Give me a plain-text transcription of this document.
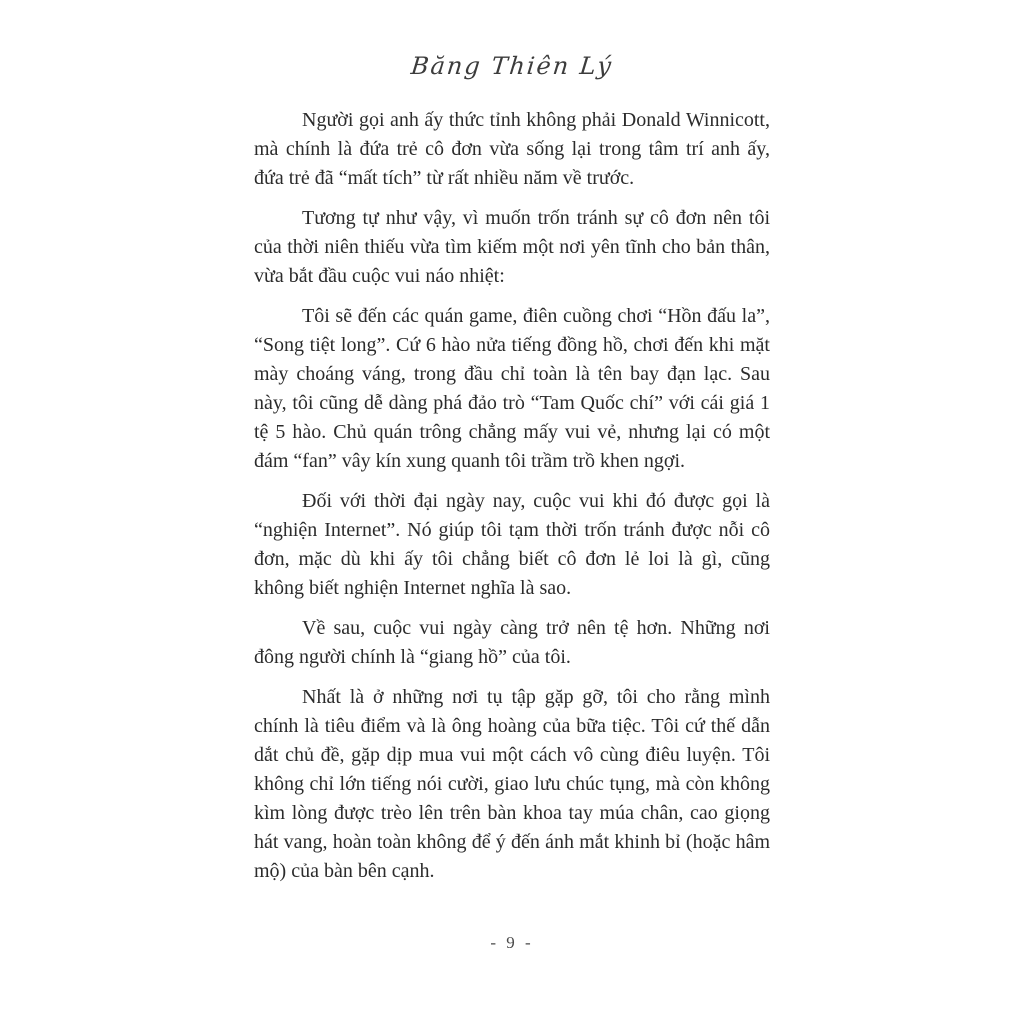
Băng Thiên Lý

Người gọi anh ấy thức tỉnh không phải Donald Winnicott, mà chính là đứa trẻ cô đơn vừa sống lại trong tâm trí anh ấy, đứa trẻ đã “mất tích” từ rất nhiều năm về trước.

Tương tự như vậy, vì muốn trốn tránh sự cô đơn nên tôi của thời niên thiếu vừa tìm kiếm một nơi yên tĩnh cho bản thân, vừa bắt đầu cuộc vui náo nhiệt:

Tôi sẽ đến các quán game, điên cuồng chơi “Hồn đấu la”, “Song tiệt long”. Cứ 6 hào nửa tiếng đồng hồ, chơi đến khi mặt mày choáng váng, trong đầu chỉ toàn là tên bay đạn lạc. Sau này, tôi cũng dễ dàng phá đảo trò “Tam Quốc chí” với cái giá 1 tệ 5 hào. Chủ quán trông chẳng mấy vui vẻ, nhưng lại có một đám “fan” vây kín xung quanh tôi trầm trồ khen ngợi.

Đối với thời đại ngày nay, cuộc vui khi đó được gọi là “nghiện Internet”. Nó giúp tôi tạm thời trốn tránh được nỗi cô đơn, mặc dù khi ấy tôi chẳng biết cô đơn lẻ loi là gì, cũng không biết nghiện Internet nghĩa là sao.

Về sau, cuộc vui ngày càng trở nên tệ hơn. Những nơi đông người chính là “giang hồ” của tôi.

Nhất là ở những nơi tụ tập gặp gỡ, tôi cho rằng mình chính là tiêu điểm và là ông hoàng của bữa tiệc. Tôi cứ thế dẫn dắt chủ đề, gặp dịp mua vui một cách vô cùng điêu luyện. Tôi không chỉ lớn tiếng nói cười, giao lưu chúc tụng, mà còn không kìm lòng được trèo lên trên bàn khoa tay múa chân, cao giọng hát vang, hoàn toàn không để ý đến ánh mắt khinh bỉ (hoặc hâm mộ) của bàn bên cạnh.

- 9 -
